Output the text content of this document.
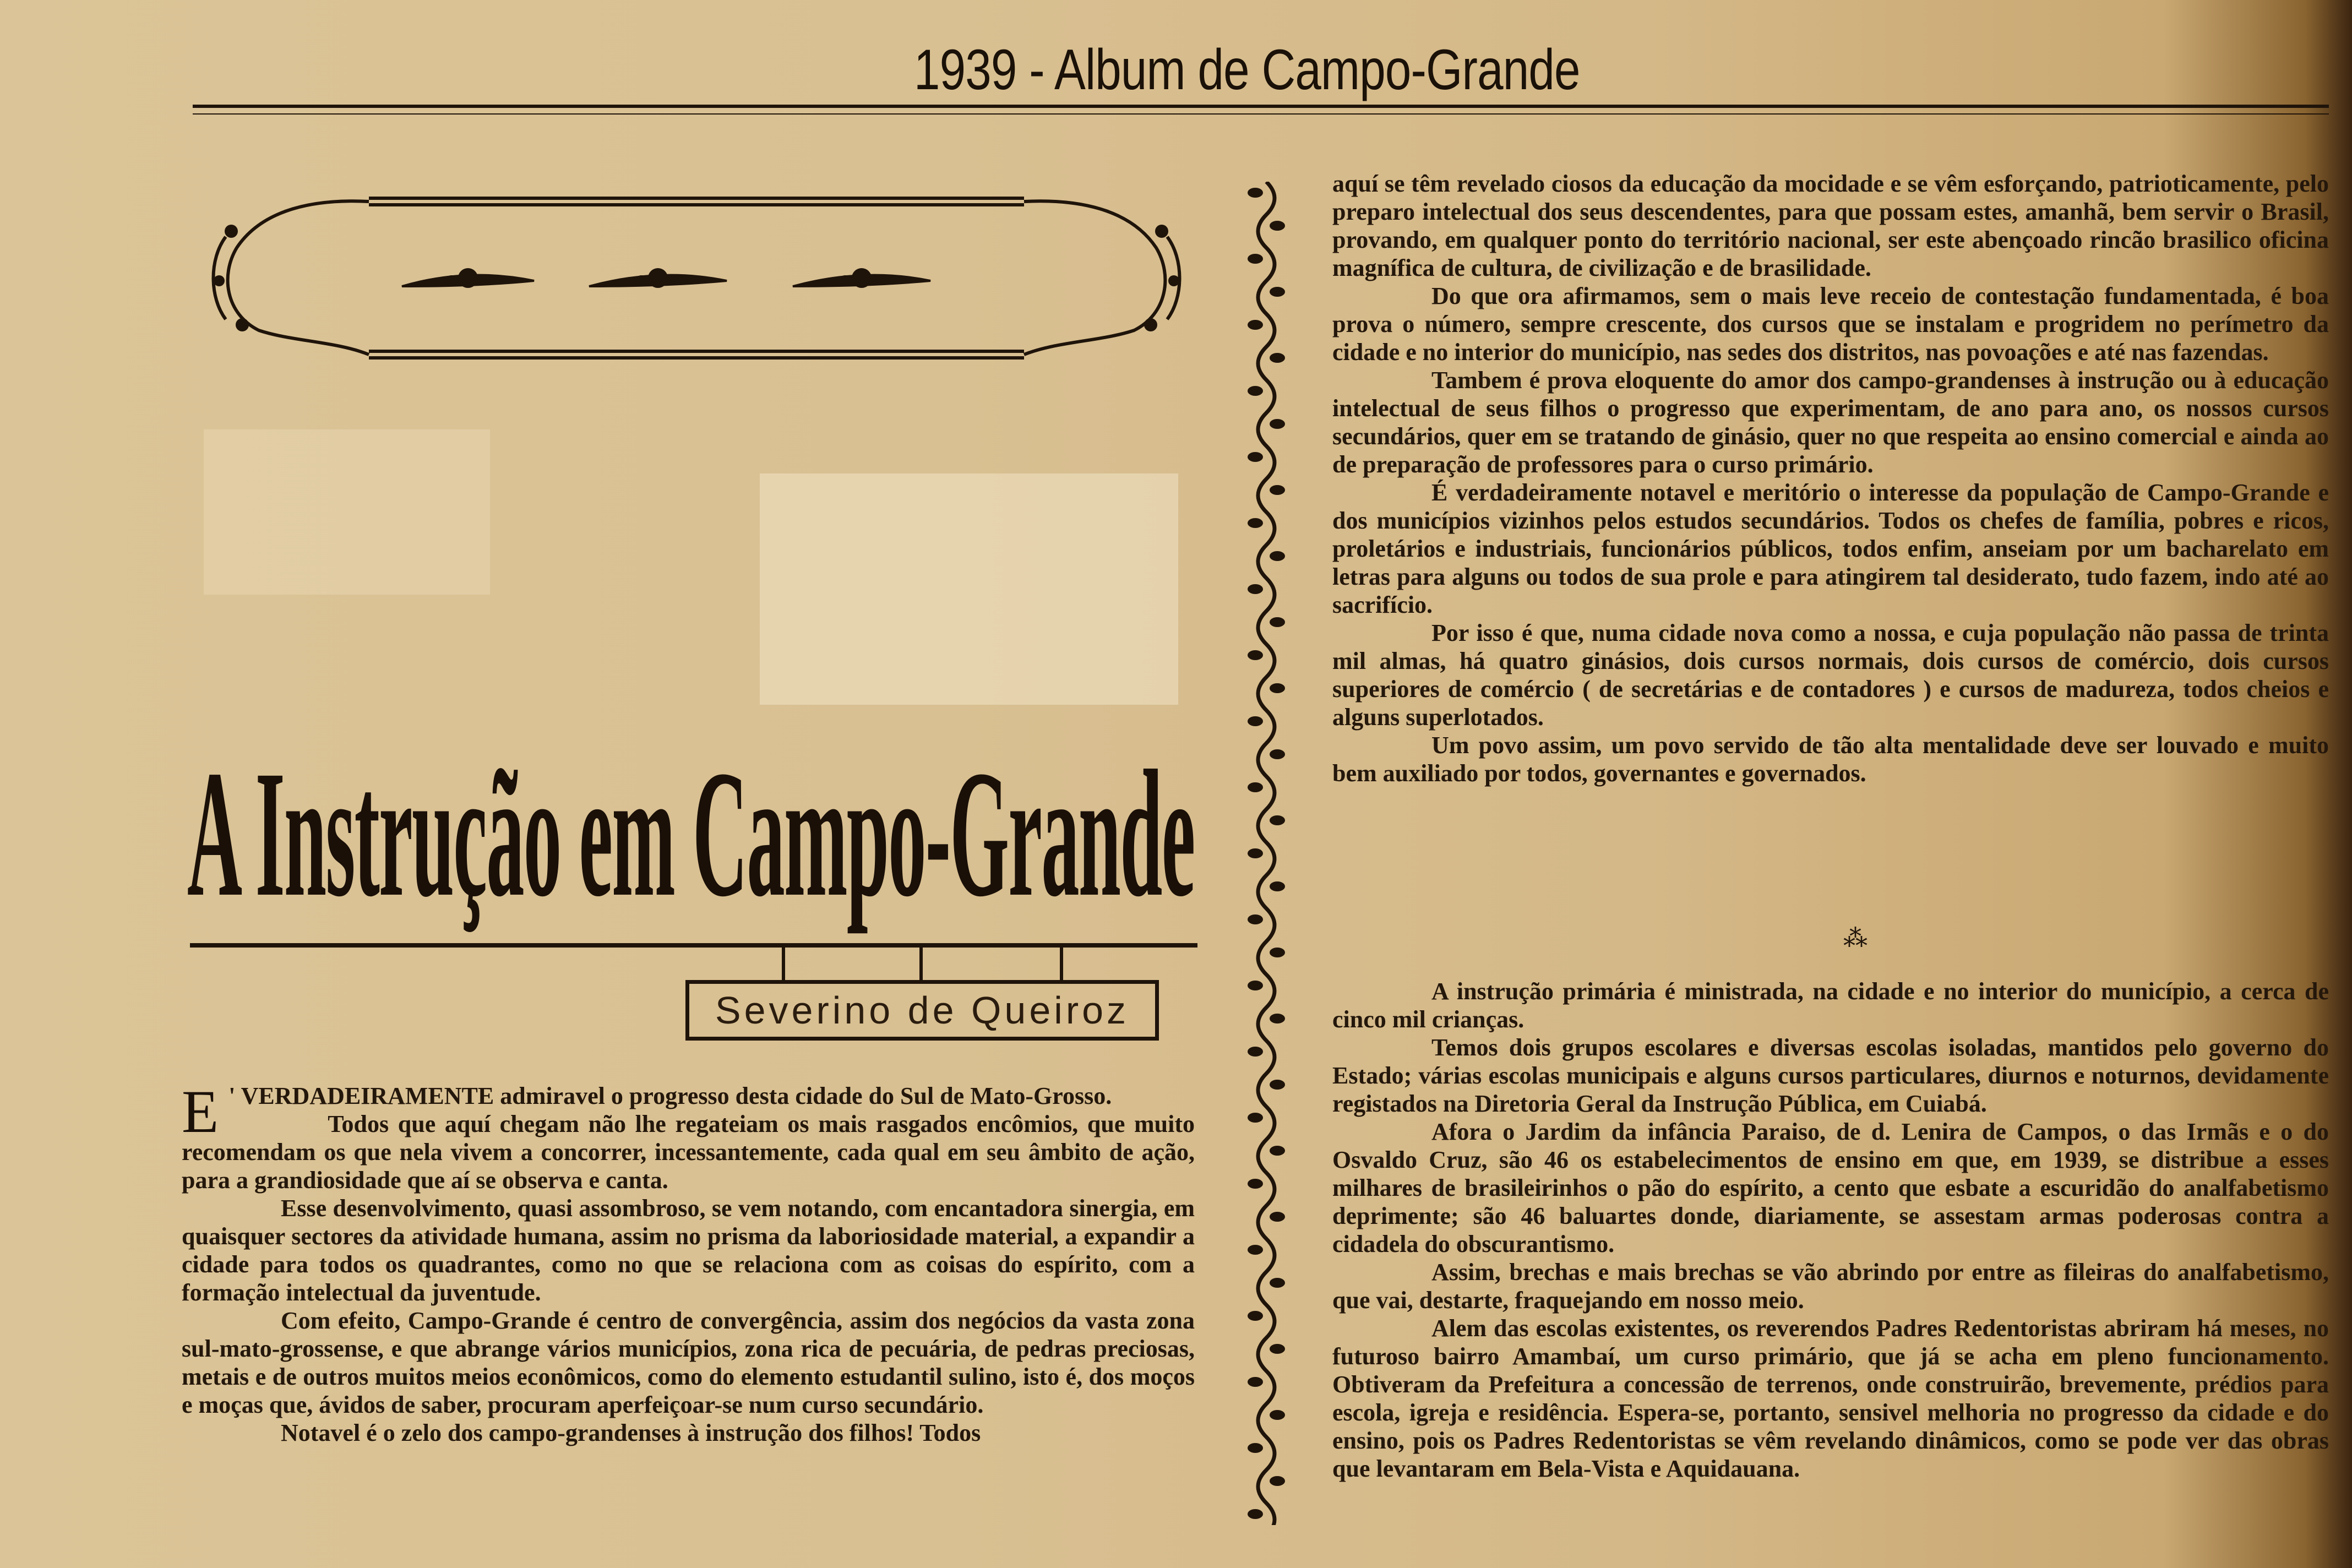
1939 - Album de Campo-Grande
A Instrução em Campo-Grande
Severino de Queiroz

E ' VERDADEIRAMENTE admiravel o progresso desta cidade do Sul de Mato-Grosso.

Todos que aquí chegam não lhe regateiam os mais rasgados encômios, que muito recomendam os que nela vivem a concorrer, incessantemente, cada qual em seu âmbito de ação, para a grandiosidade que aí se observa e canta.

Esse desenvolvimento, quasi assombroso, se vem notando, com encantadora sinergia, em quaisquer sectores da atividade humana, assim no prisma da laboriosidade material, a expandir a cidade para todos os quadrantes, como no que se relaciona com as coisas do espírito, com a formação intelectual da juventude.

Com efeito, Campo-Grande é centro de convergência, assim dos negócios da vasta zona sul-mato-grossense, e que abrange vários municípios, zona rica de pecuária, de pedras preciosas, metais e de outros muitos meios econômicos, como do elemento estudantil sulino, isto é, dos moços e moças que, ávidos de saber, procuram aperfeiçoar-se num curso secundário.

Notavel é o zelo dos campo-grandenses à instrução dos filhos! Todos

aquí se têm revelado ciosos da educação da mocidade e se vêm esforçando, patrioticamente, pelo preparo intelectual dos seus descendentes, para que possam estes, amanhã, bem servir o Brasil, provando, em qualquer ponto do território nacional, ser este abençoado rincão brasilico oficina magnífica de cultura, de civilização e de brasilidade.

Do que ora afirmamos, sem o mais leve receio de contestação fundamentada, é boa prova o número, sempre crescente, dos cursos que se instalam e progridem no perímetro da cidade e no interior do município, nas sedes dos distritos, nas povoações e até nas fazendas.

Tambem é prova eloquente do amor dos campo-grandenses à instrução ou à educação intelectual de seus filhos o progresso que experimentam, de ano para ano, os nossos cursos secundários, quer em se tratando de ginásio, quer no que respeita ao ensino comercial e ainda ao de preparação de professores para o curso primário.

É verdadeiramente notavel e meritório o interesse da população de Campo-Grande e dos municípios vizinhos pelos estudos secundários. Todos os chefes de família, pobres e ricos, proletários e industriais, funcionários públicos, todos enfim, anseiam por um bacharelato em letras para alguns ou todos de sua prole e para atingirem tal desiderato, tudo fazem, indo até ao sacrifício.

Por isso é que, numa cidade nova como a nossa, e cuja população não passa de trinta mil almas, há quatro ginásios, dois cursos normais, dois cursos de comércio, dois cursos superiores de comércio ( de secretárias e de contadores ) e cursos de madureza, todos cheios e alguns superlotados.

Um povo assim, um povo servido de tão alta mentalidade deve ser louvado e muito bem auxiliado por todos, governantes e governados.

⁂

A instrução primária é ministrada, na cidade e no interior do município, a cerca de cinco mil crianças.

Temos dois grupos escolares e diversas escolas isoladas, mantidos pelo governo do Estado; várias escolas municipais e alguns cursos particulares, diurnos e noturnos, devidamente registados na Diretoria Geral da Instrução Pública, em Cuiabá.

Afora o Jardim da infância Paraiso, de d. Lenira de Campos, o das Irmãs e o do Osvaldo Cruz, são 46 os estabelecimentos de ensino em que, em 1939, se distribue a esses milhares de brasileirinhos o pão do espírito, a cento que esbate a escuridão do analfabetismo deprimente; são 46 baluartes donde, diariamente, se assestam armas poderosas contra a cidadela do obscurantismo.

Assim, brechas e mais brechas se vão abrindo por entre as fileiras do analfabetismo, que vai, destarte, fraquejando em nosso meio.

Alem das escolas existentes, os reverendos Padres Redentoristas abriram há meses, no futuroso bairro Amambaí, um curso primário, que já se acha em pleno funcionamento. Obtiveram da Prefeitura a concessão de terrenos, onde construirão, brevemente, prédios para escola, igreja e residência. Espera-se, portanto, sensivel melhoria no progresso da cidade e do ensino, pois os Padres Redentoristas se vêm revelando dinâmicos, como se pode ver das obras que levantaram em Bela-Vista e Aquidauana.
